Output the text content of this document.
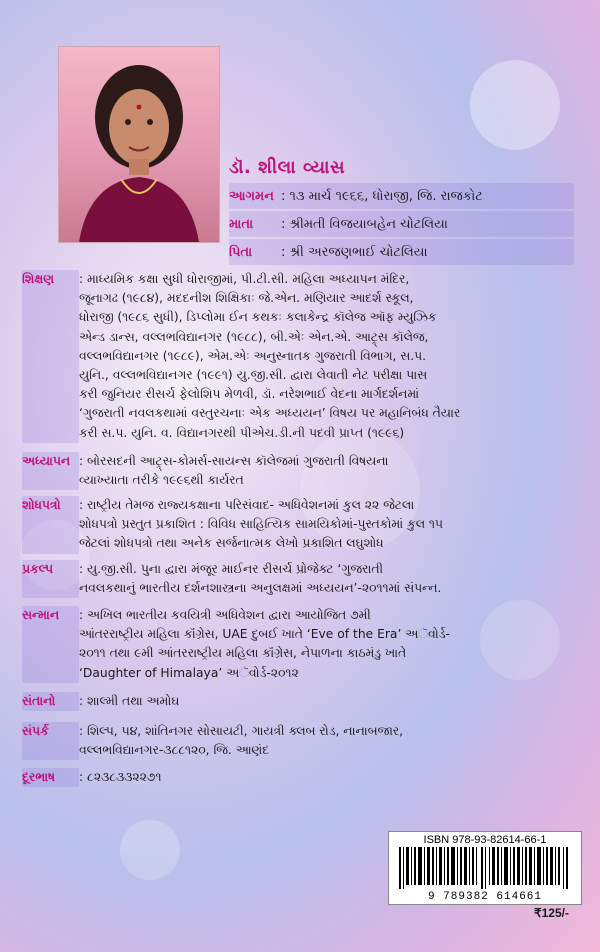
ડૉ. શીલા વ્યાસ
આગમન : ૧૩ માર્ચ ૧૯૬૬, ધોરાજી, જિ. રાજકોટ
માતા	: શ્રીમતી વિજયાબહેન ચોટલિયા
પિતા	: શ્રી અરજણભાઈ ચોટલિયા
શિક્ષણ	: માધ્યમિક કક્ષા સુધી ધોરાજીમાં, પી.ટી.સી. મહિલા અધ્યાપન મંદિર,
જૂનાગઢ (૧૯૮૪), મદદનીશ શિક્ષિકાઃ જે.એન. મણિયાર આદર્શ સ્કૂલ,
ધોરાજી (૧૯૮૬ સુધી), ડિપ્લોમા ઈન કથકઃ કલાકેન્દ્ર કૉલેજ ઑફ મ્યુઝિક
એન્ડ ડાન્સ, વલ્લભવિદ્યાનગર (૧૯૮૮), બી.એઃ એન.એ. આટ્ર્સ કૉલેજ,
વલ્લભવિદ્યાનગર (૧૯૮૯), એમ.એઃ અનુસ્નાતક ગુજરાતી વિભાગ, સ.પ.
યુનિ., વલ્લભવિદ્યાનગર (૧૯૯૧) યુ.જી.સી. દ્વારા લેવાતી નેટ પરીક્ષા પાસ
કરી જુનિયર રીસર્ચ ફેલોશિપ મેળવી, ડૉ. નરેશભાઈ વેદના માર્ગદર્શનમાં
‘ગુજરાતી નવલકથામાં વસ્તુરચનાઃ એક અધ્યયન’ વિષય પર મહાનિબંધ તૈયાર
કરી સ.પ. યુનિ. વ. વિદ્યાનગરથી પીએચ.ડી.ની પદવી પ્રાપ્ત (૧૯૯૬)
અધ્યાપન : બોરસદની આટ્ર્સ-કોમર્સ-સાયન્સ કૉલેજમાં ગુજરાતી વિષયના
વ્યાખ્યાતા તરીકે ૧૯૯૬થી કાર્યરત
શોધપત્રો	: રાષ્ટ્રીય તેમજ રાજ્યકક્ષાના પરિસંવાદ- અધિવેશનમાં કુલ ૨૨ જેટલા
શોધપત્રો પ્રસ્તુત પ્રકાશિત : વિવિધ સાહિત્યિક સામયિકોમાં-પુસ્તકોમાં કુલ ૧૫
જેટલાં શોધપત્રો તથા અનેક સર્જનાત્મક લેખો પ્રકાશિત લઘુશોધ
પ્રકલ્પ	: યુ.જી.સી. પુના દ્વારા મંજૂર માઈનર રીસર્ચ પ્રોજેક્ટ ‘ગુજરાતી
નવલકથાનું ભારતીય દર્શનશાસ્ત્રના અનુલક્ષમાં અધ્યયન’-૨૦૧૧માં સંપન્ન.
સન્માન	: અખિલ ભારતીય કવયિત્રી અધિવેશન દ્વારા આયોજિત ૭મી
આંતરરાષ્ટ્રીય મહિલા કૉંગ્રેસ, UAE દુબઈ ખાતે ‘Eve of the Era’ અૅવોર્ડ-
૨૦૧૧ તથા ૯મી આંતરરાષ્ટ્રીય મહિલા કૉંગ્રેસ, નેપાળના કાઠમંડુ ખાતે
‘Daughter of Himalaya’ અૅવોર્ડ-૨૦૧૨
સંતાનો	: શાલ્મી તથા અમોઘ
સંપર્ક	: શિલ્પ, ૫૪, શાંતિનગર સોસાયટી, ગાયત્રી ક્લબ રોડ, નાનાબજાર,
વલ્લભવિદ્યાનગર-૩૮૮૧૨૦, જિ. આણંદ
દૂરભાષ	: ૮૨૩૮૩૩૨૨૭૧
ISBN 978-93-82614-66-1
9 789382 614661
₹125/-
